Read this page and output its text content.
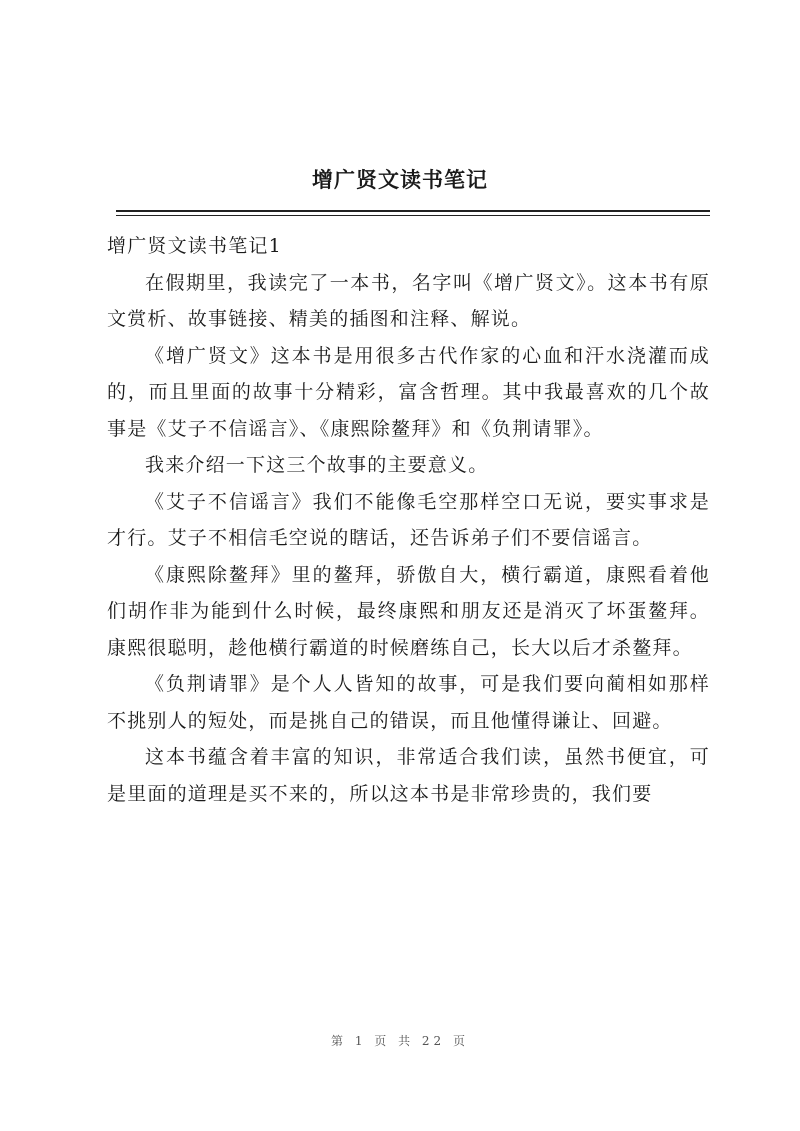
增广贤文读书笔记

增广贤文读书笔记1

在假期里，我读完了一本书，名字叫《增广贤文》。这本书有原文赏析、故事链接、精美的插图和注释、解说。

《增广贤文》这本书是用很多古代作家的心血和汗水浇灌而成的，而且里面的故事十分精彩，富含哲理。其中我最喜欢的几个故事是《艾子不信谣言》、《康熙除鳌拜》和《负荆请罪》。

我来介绍一下这三个故事的主要意义。

《艾子不信谣言》我们不能像毛空那样空口无说，要实事求是才行。艾子不相信毛空说的瞎话，还告诉弟子们不要信谣言。

《康熙除鳌拜》里的鳌拜，骄傲自大，横行霸道，康熙看着他们胡作非为能到什么时候，最终康熙和朋友还是消灭了坏蛋鳌拜。康熙很聪明，趁他横行霸道的时候磨练自己，长大以后才杀鳌拜。

《负荆请罪》是个人人皆知的故事，可是我们要向蔺相如那样不挑别人的短处，而是挑自己的错误，而且他懂得谦让、回避。

这本书蕴含着丰富的知识，非常适合我们读，虽然书便宜，可是里面的道理是买不来的，所以这本书是非常珍贵的，我们要

第 1 页 共 22 页
